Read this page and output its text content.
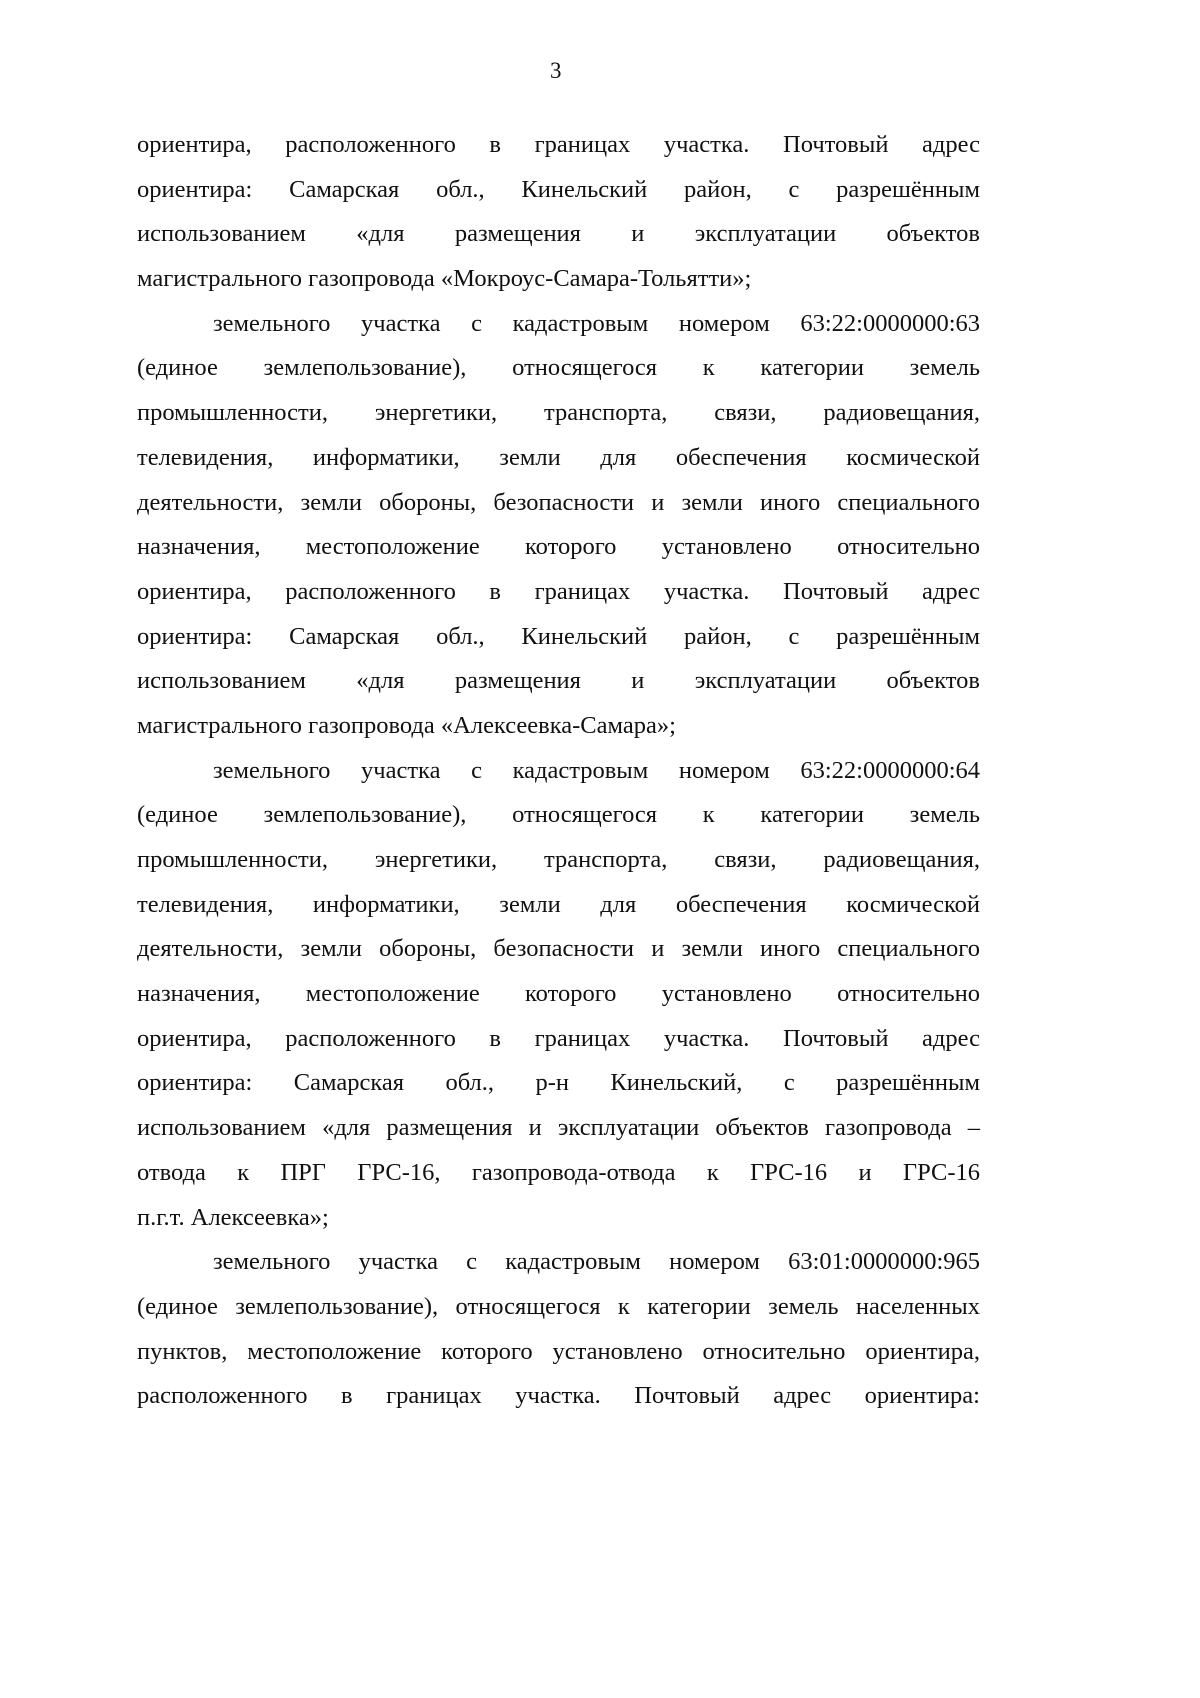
3
ориентира, расположенного в границах участка. Почтовый адрес
ориентира: Самарская обл., Кинельский район, с разрешённым
использованием «для размещения и эксплуатации объектов
магистрального газопровода «Мокроус-Самара-Тольятти»;
земельного участка с кадастровым номером 63:22:0000000:63
(единое землепользование), относящегося к категории земель
промышленности, энергетики, транспорта, связи, радиовещания,
телевидения, информатики, земли для обеспечения космической
деятельности, земли обороны, безопасности и земли иного специального
назначения, местоположение которого установлено относительно
ориентира, расположенного в границах участка. Почтовый адрес
ориентира: Самарская обл., Кинельский район, с разрешённым
использованием «для размещения и эксплуатации объектов
магистрального газопровода «Алексеевка-Самара»;
земельного участка с кадастровым номером 63:22:0000000:64
(единое землепользование), относящегося к категории земель
промышленности, энергетики, транспорта, связи, радиовещания,
телевидения, информатики, земли для обеспечения космической
деятельности, земли обороны, безопасности и земли иного специального
назначения, местоположение которого установлено относительно
ориентира, расположенного в границах участка. Почтовый адрес
ориентира: Самарская обл., р-н Кинельский, с разрешённым
использованием «для размещения и эксплуатации объектов газопровода –
отвода к ПРГ ГРС-16, газопровода-отвода к ГРС-16 и ГРС-16
п.г.т. Алексеевка»;
земельного участка с кадастровым номером 63:01:0000000:965
(единое землепользование), относящегося к категории земель населенных
пунктов, местоположение которого установлено относительно ориентира,
расположенного в границах участка. Почтовый адрес ориентира:
